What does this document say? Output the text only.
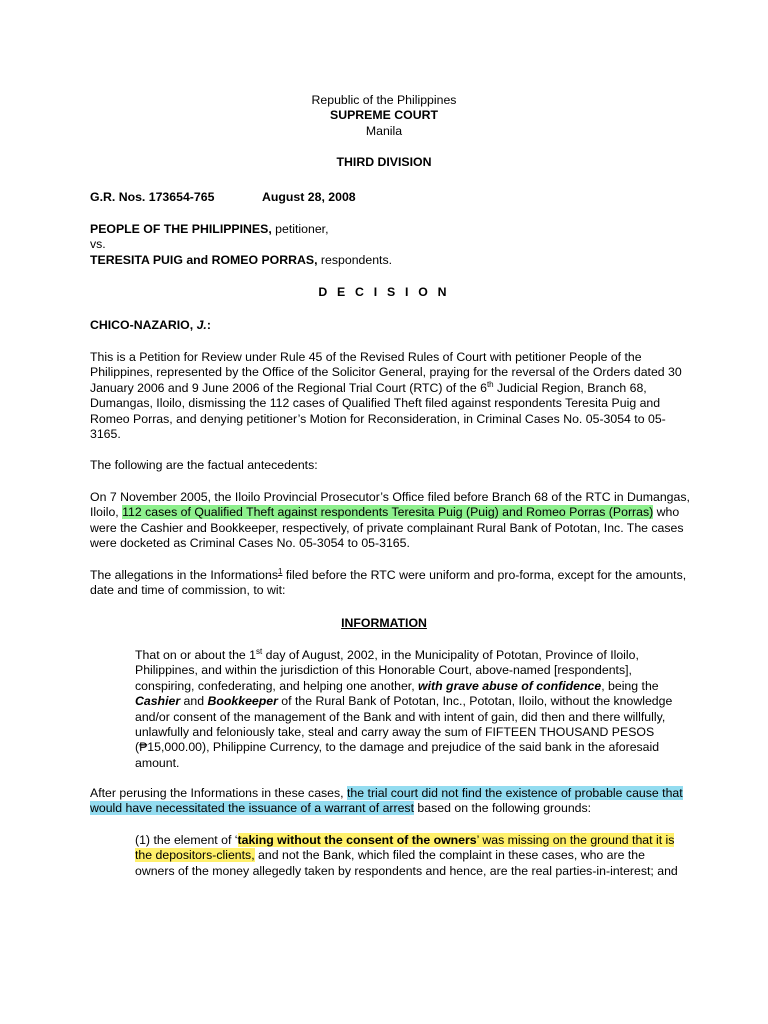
Republic of the Philippines
SUPREME COURT
Manila
THIRD DIVISION
G.R. Nos. 173654-765	August 28, 2008
PEOPLE OF THE PHILIPPINES, petitioner,
vs.
TERESITA PUIG and ROMEO PORRAS, respondents.
D E C I S I O N
CHICO-NAZARIO, J.:

This is a Petition for Review under Rule 45 of the Revised Rules of Court with petitioner People of the Philippines, represented by the Office of the Solicitor General, praying for the reversal of the Orders dated 30 January 2006 and 9 June 2006 of the Regional Trial Court (RTC) of the 6th Judicial Region, Branch 68, Dumangas, Iloilo, dismissing the 112 cases of Qualified Theft filed against respondents Teresita Puig and Romeo Porras, and denying petitioner’s Motion for Reconsideration, in Criminal Cases No. 05-3054 to 05-3165.

The following are the factual antecedents:

On 7 November 2005, the Iloilo Provincial Prosecutor’s Office filed before Branch 68 of the RTC in Dumangas, Iloilo, 112 cases of Qualified Theft against respondents Teresita Puig (Puig) and Romeo Porras (Porras) who were the Cashier and Bookkeeper, respectively, of private complainant Rural Bank of Pototan, Inc. The cases were docketed as Criminal Cases No. 05-3054 to 05-3165.

The allegations in the Informations$^1$ filed before the RTC were uniform and pro-forma, except for the amounts, date and time of commission, to wit:

INFORMATION

That on or about the 1st day of August, 2002, in the Municipality of Pototan, Province of Iloilo, Philippines, and within the jurisdiction of this Honorable Court, above-named [respondents], conspiring, confederating, and helping one another, with grave abuse of confidence, being the Cashier and Bookkeeper of the Rural Bank of Pototan, Inc., Pototan, Iloilo, without the knowledge and/or consent of the management of the Bank and with intent of gain, did then and there willfully, unlawfully and feloniously take, steal and carry away the sum of FIFTEEN THOUSAND PESOS (₱15,000.00), Philippine Currency, to the damage and prejudice of the said bank in the aforesaid amount.

After perusing the Informations in these cases, the trial court did not find the existence of probable cause that would have necessitated the issuance of a warrant of arrest based on the following grounds:

(1) the element of ‘taking without the consent of the owners’ was missing on the ground that it is the depositors-clients, and not the Bank, which filed the complaint in these cases, who are the owners of the money allegedly taken by respondents and hence, are the real parties-in-interest; and
